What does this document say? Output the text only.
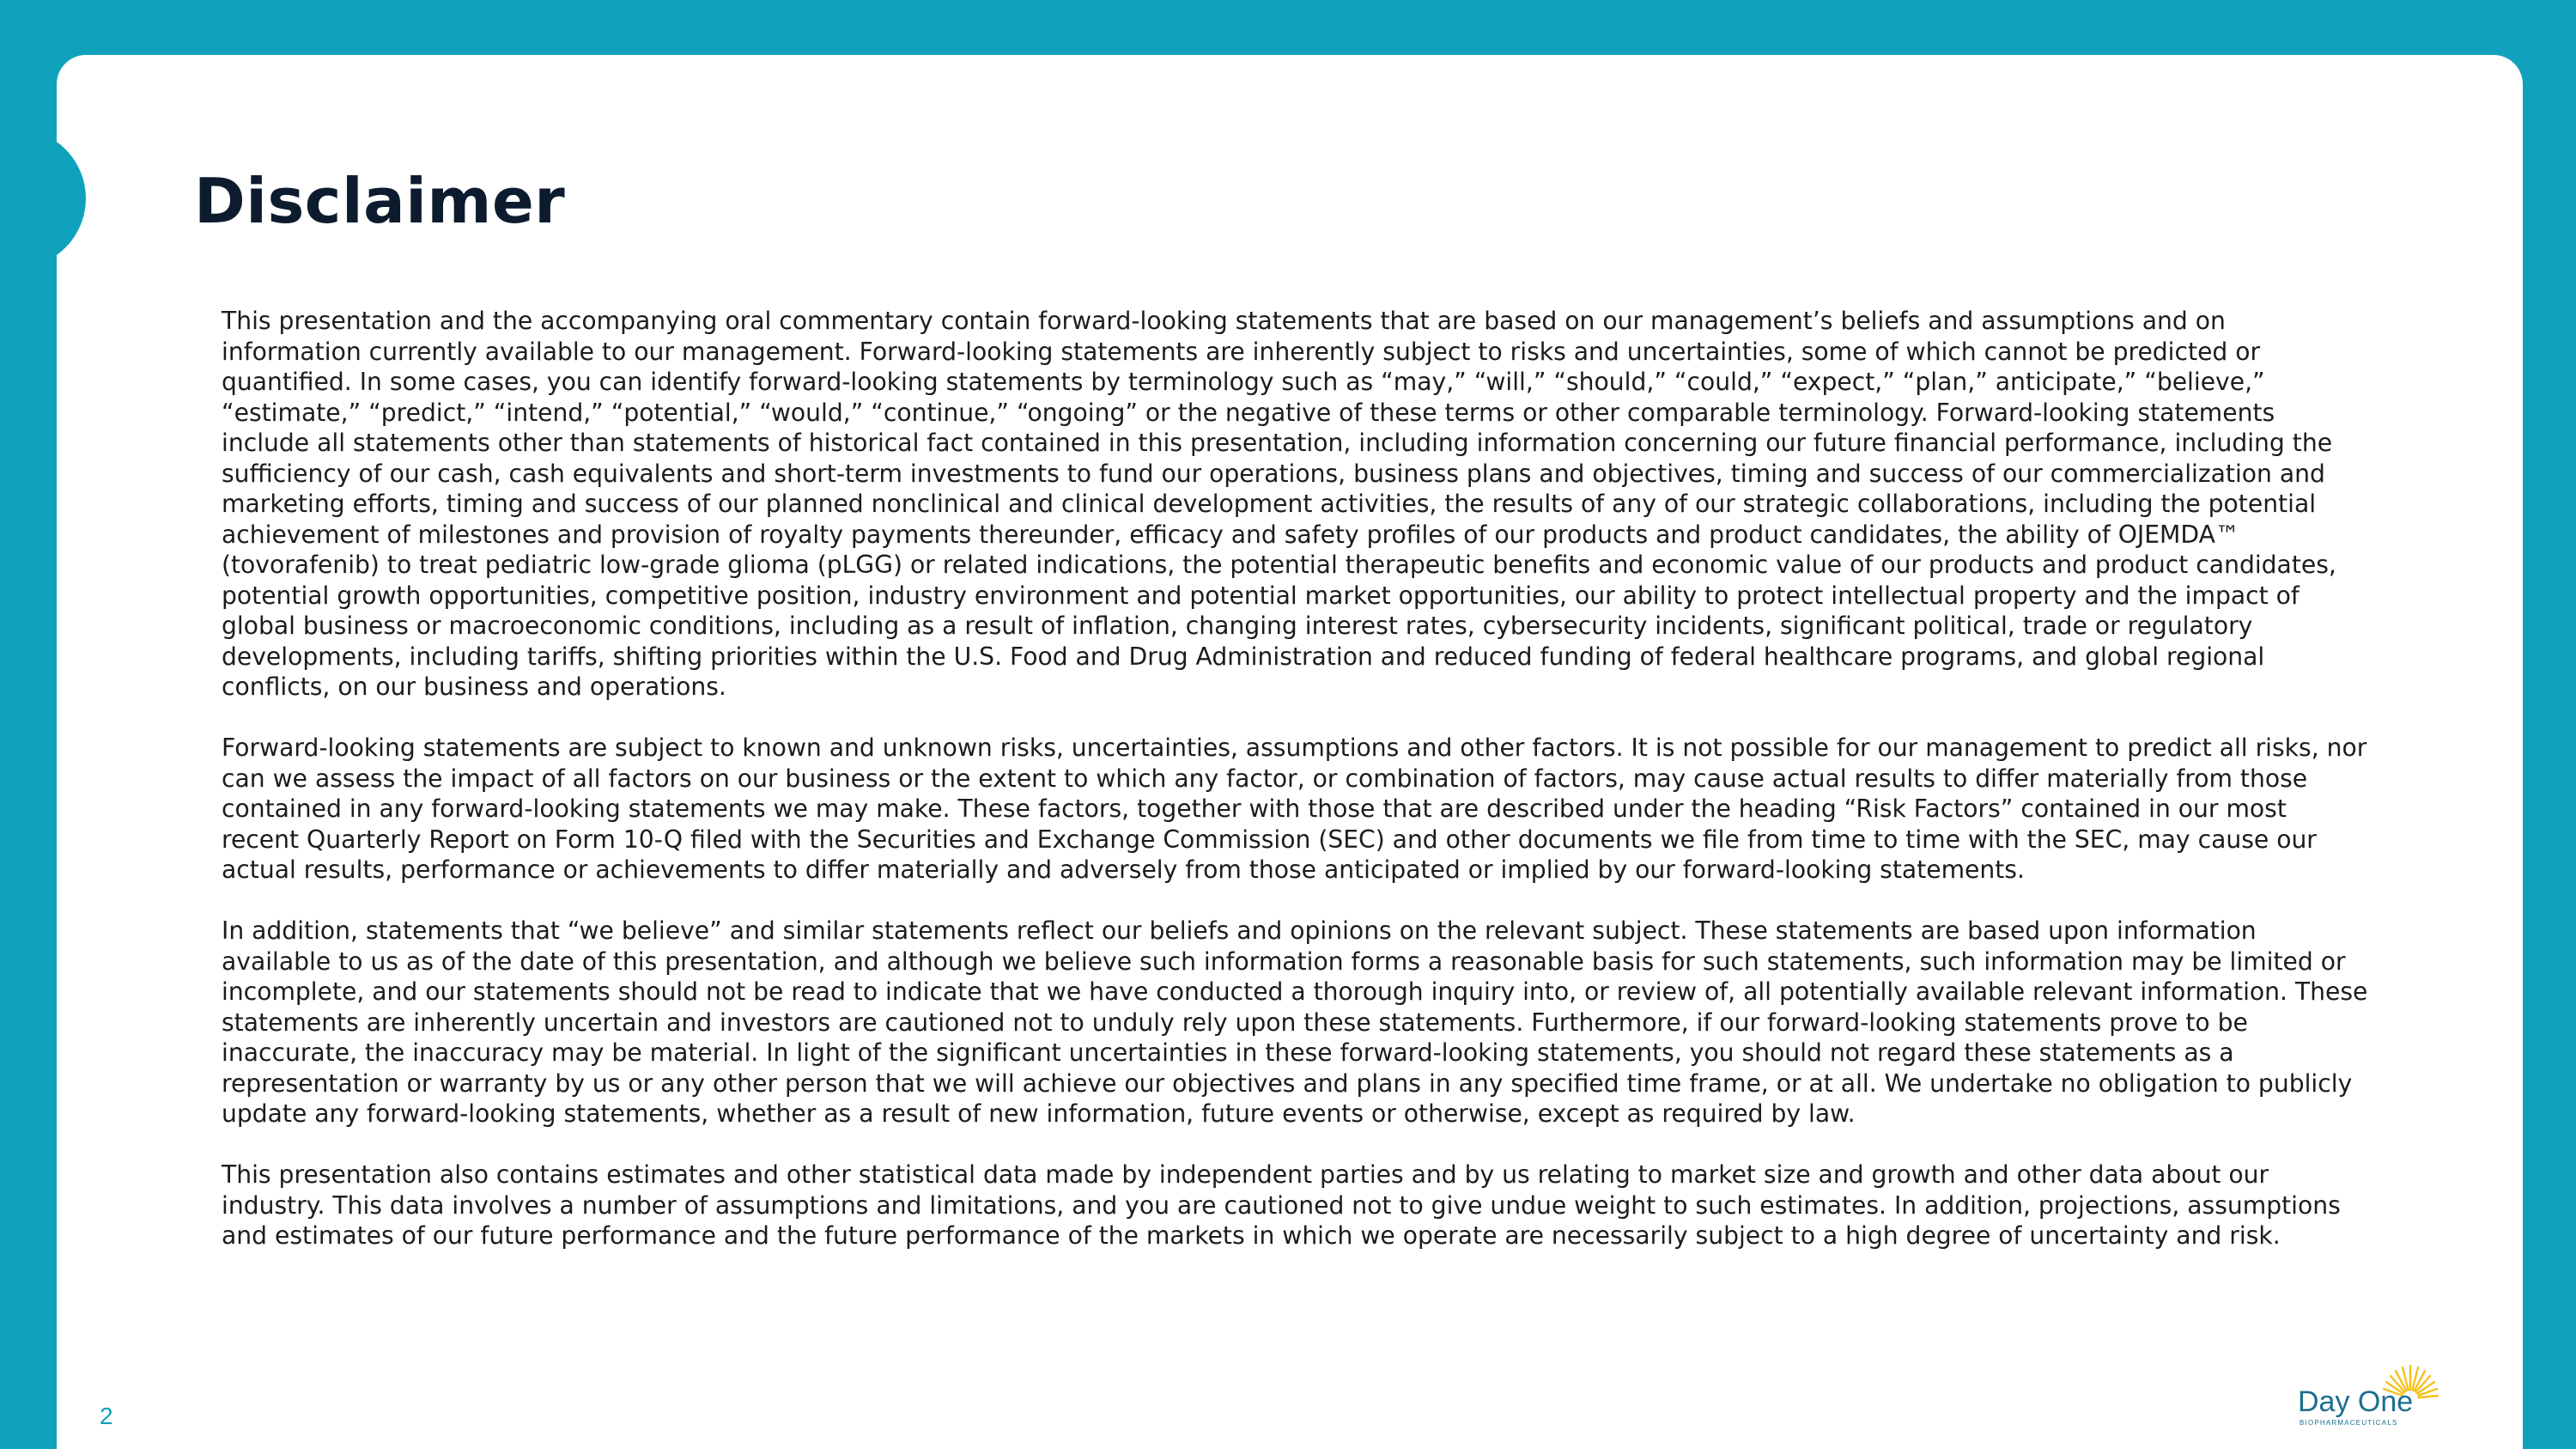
Disclaimer

This presentation and the accompanying oral commentary contain forward-looking statements that are based on our management’s beliefs and assumptions and on information currently available to our management. Forward-looking statements are inherently subject to risks and uncertainties, some of which cannot be predicted or quantified. In some cases, you can identify forward-looking statements by terminology such as “may,” “will,” “should,” “could,” “expect,” “plan,” anticipate,” “believe,” “estimate,” “predict,” “intend,” “potential,” “would,” “continue,” “ongoing” or the negative of these terms or other comparable terminology. Forward-looking statements include all statements other than statements of historical fact contained in this presentation, including information concerning our future financial performance, including the sufficiency of our cash, cash equivalents and short-term investments to fund our operations, business plans and objectives, timing and success of our commercialization and marketing efforts, timing and success of our planned nonclinical and clinical development activities, the results of any of our strategic collaborations, including the potential achievement of milestones and provision of royalty payments thereunder, efficacy and safety profiles of our products and product candidates, the ability of OJEMDA™ (tovorafenib) to treat pediatric low-grade glioma (pLGG) or related indications, the potential therapeutic benefits and economic value of our products and product candidates, potential growth opportunities, competitive position, industry environment and potential market opportunities, our ability to protect intellectual property and the impact of global business or macroeconomic conditions, including as a result of inflation, changing interest rates, cybersecurity incidents, significant political, trade or regulatory developments, including tariffs, shifting priorities within the U.S. Food and Drug Administration and reduced funding of federal healthcare programs, and global regional conflicts, on our business and operations.

Forward-looking statements are subject to known and unknown risks, uncertainties, assumptions and other factors. It is not possible for our management to predict all risks, nor can we assess the impact of all factors on our business or the extent to which any factor, or combination of factors, may cause actual results to differ materially from those contained in any forward-looking statements we may make. These factors, together with those that are described under the heading “Risk Factors” contained in our most recent Quarterly Report on Form 10-Q filed with the Securities and Exchange Commission (SEC) and other documents we file from time to time with the SEC, may cause our actual results, performance or achievements to differ materially and adversely from those anticipated or implied by our forward-looking statements.

In addition, statements that “we believe” and similar statements reflect our beliefs and opinions on the relevant subject. These statements are based upon information available to us as of the date of this presentation, and although we believe such information forms a reasonable basis for such statements, such information may be limited or incomplete, and our statements should not be read to indicate that we have conducted a thorough inquiry into, or review of, all potentially available relevant information. These statements are inherently uncertain and investors are cautioned not to unduly rely upon these statements. Furthermore, if our forward-looking statements prove to be inaccurate, the inaccuracy may be material. In light of the significant uncertainties in these forward-looking statements, you should not regard these statements as a representation or warranty by us or any other person that we will achieve our objectives and plans in any specified time frame, or at all. We undertake no obligation to publicly update any forward-looking statements, whether as a result of new information, future events or otherwise, except as required by law.

This presentation also contains estimates and other statistical data made by independent parties and by us relating to market size and growth and other data about our industry. This data involves a number of assumptions and limitations, and you are cautioned not to give undue weight to such estimates. In addition, projections, assumptions and estimates of our future performance and the future performance of the markets in which we operate are necessarily subject to a high degree of uncertainty and risk.

2	Day One
BIOPHARMACEUTICALS
